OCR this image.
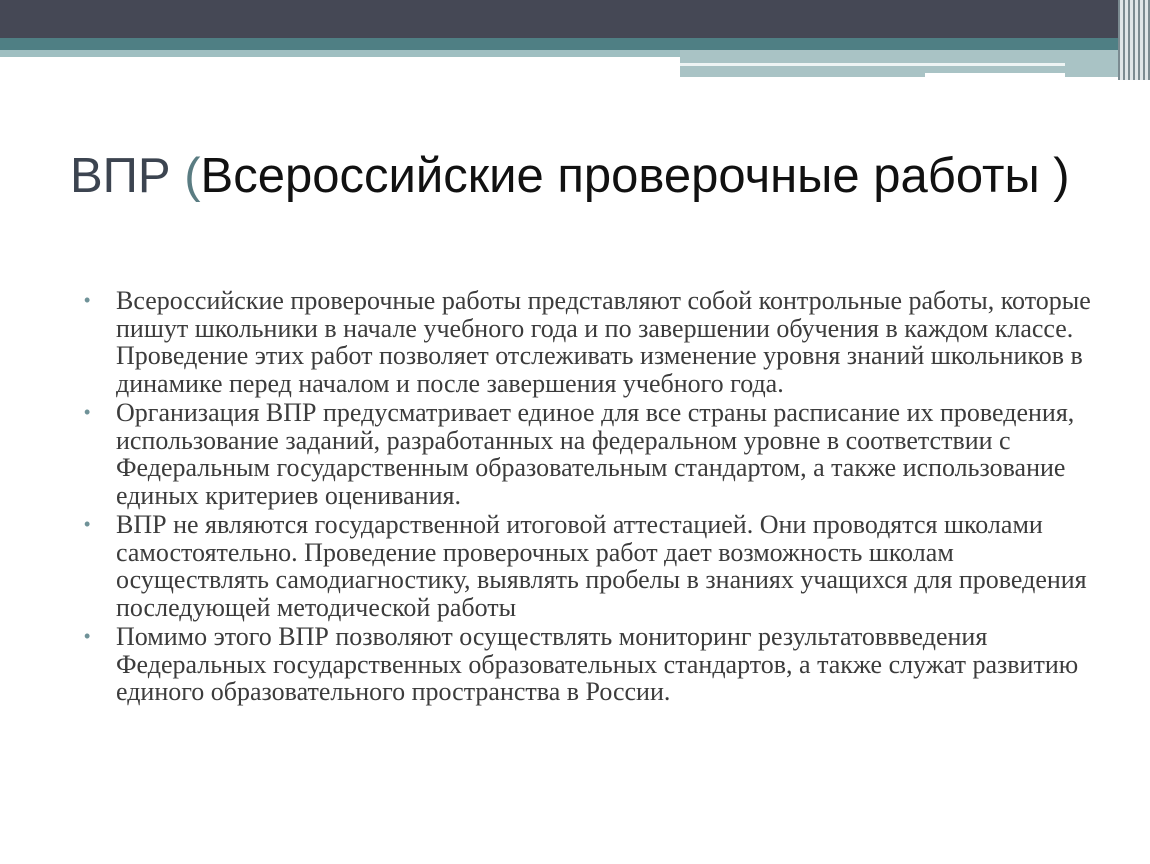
ВПР (Всероссийские проверочные работы )
• Всероссийские проверочные работы представляют собой контрольные работы, которые пишут школьники в начале учебного года и по завершении обучения в каждом классе. Проведение этих работ позволяет отслеживать изменение уровня знаний школьников в динамике перед началом и после завершения учебного года.
• Организация ВПР предусматривает единое для все страны расписание их проведения, использование заданий, разработанных на федеральном уровне в соответствии с Федеральным государственным образовательным стандартом, а также использование единых критериев оценивания.
• ВПР не являются государственной итоговой аттестацией. Они проводятся школами самостоятельно. Проведение проверочных работ дает возможность школам осуществлять самодиагностику, выявлять пробелы в знаниях учащихся для проведения последующей методической работы
• Помимо этого ВПР позволяют осуществлять мониторинг результатоввведения Федеральных государственных образовательных стандартов, а также служат развитию единого образовательного пространства в России.
